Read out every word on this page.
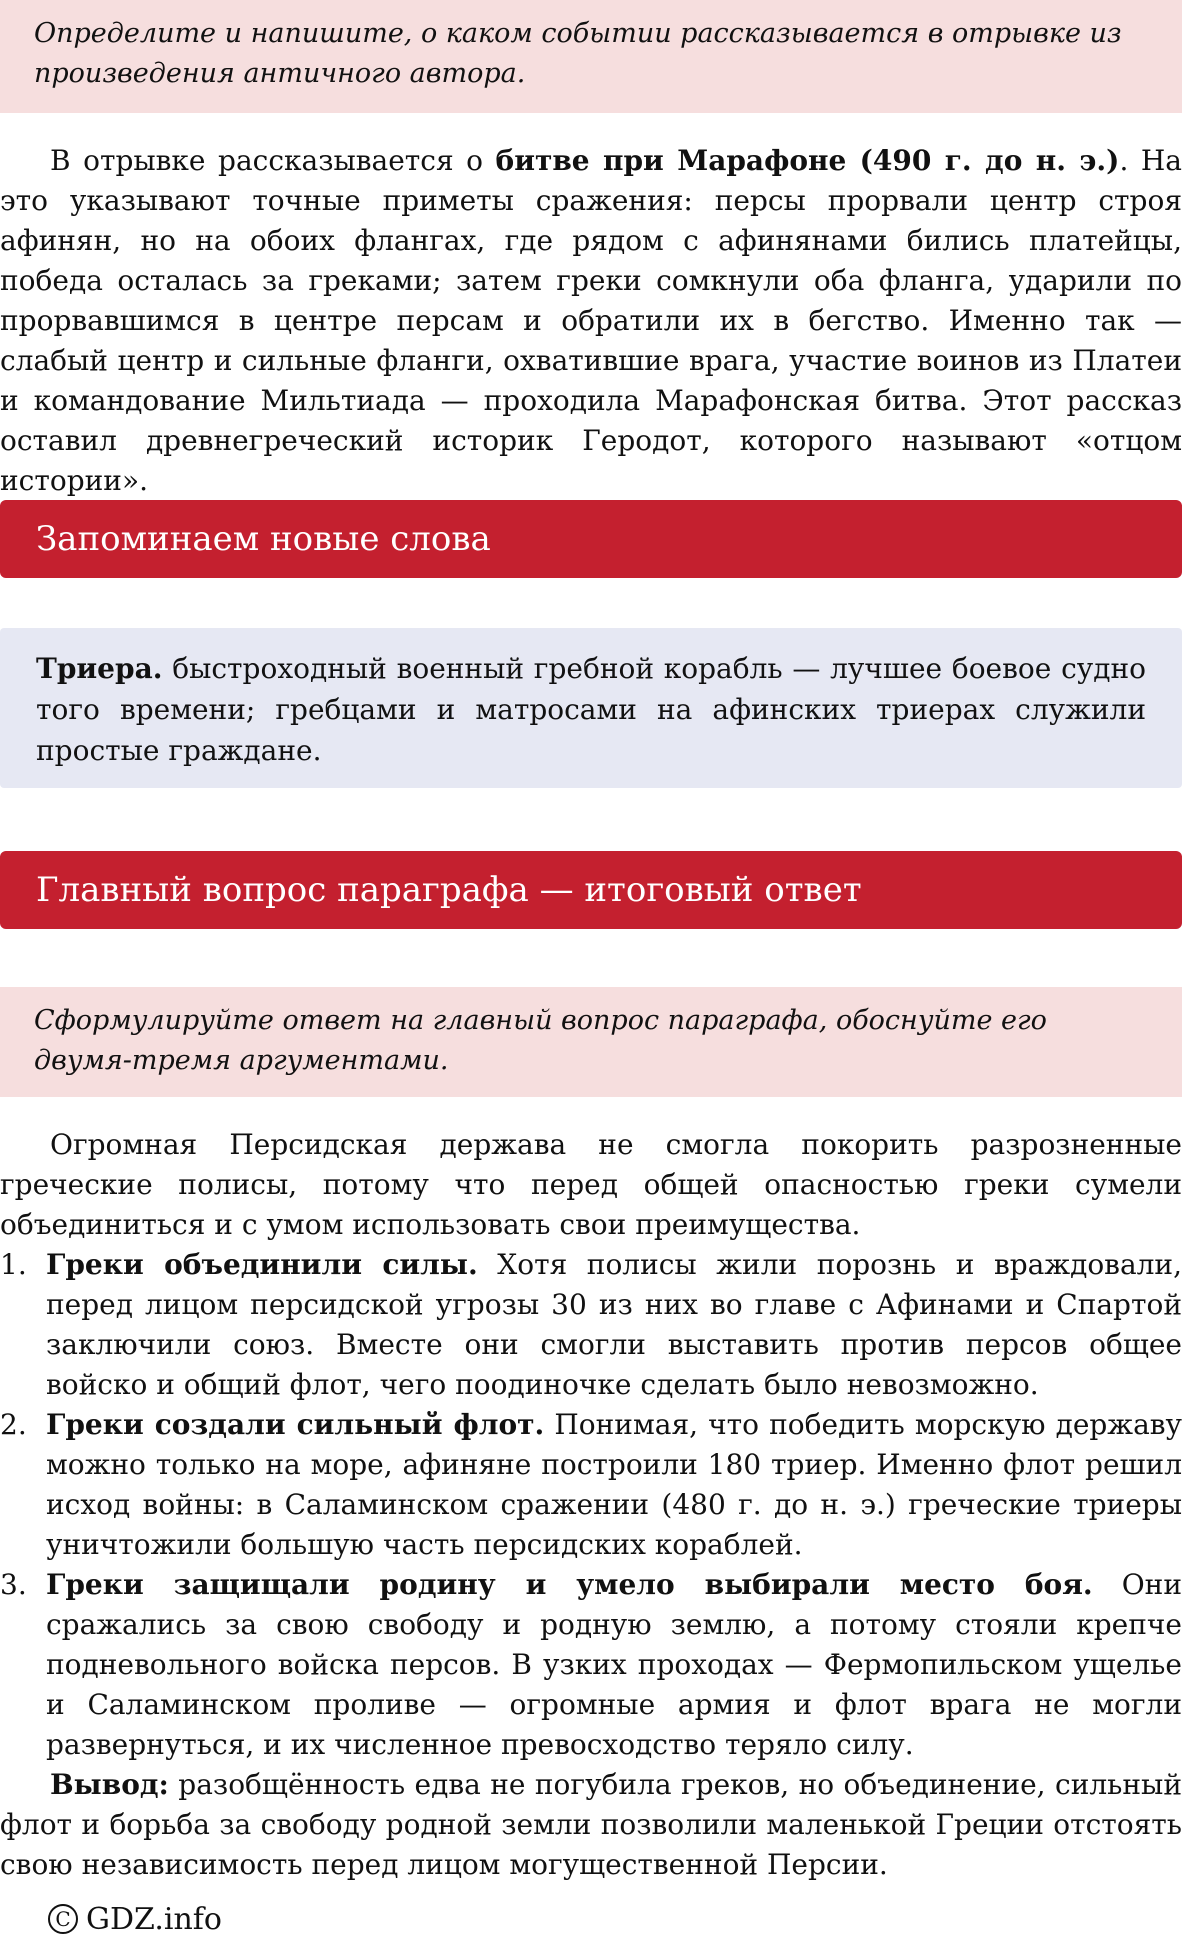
Определите и напишите, о каком событии рассказывается в отрывке из произведения античного автора.

В отрывке рассказывается о битве при Марафоне (490 г. до н. э.). На это указывают точные приметы сражения: персы прорвали центр строя афинян, но на обоих флангах, где рядом с афинянами бились платейцы, победа осталась за греками; затем греки сомкнули оба фланга, ударили по прорвавшимся в центре персам и обратили их в бегство. Именно так — слабый центр и сильные фланги, охватившие врага, участие воинов из Платеи и командование Мильтиада — проходила Марафонская битва. Этот рассказ оставил древнегреческий историк Геродот, которого называют «отцом истории».

Запоминаем новые слова

Триера. быстроходный военный гребной корабль — лучшее боевое судно того времени; гребцами и матросами на афинских триерах служили простые граждане.

Главный вопрос параграфа — итоговый ответ

Сформулируйте ответ на главный вопрос параграфа, обоснуйте его двумя-тремя аргументами.

Огромная Персидская держава не смогла покорить разрозненные греческие полисы, потому что перед общей опасностью греки сумели объединиться и с умом использовать свои преимущества.

1. Греки объединили силы. Хотя полисы жили порознь и враждовали, перед лицом персидской угрозы 30 из них во главе с Афинами и Спартой заключили союз. Вместе они смогли выставить против персов общее войско и общий флот, чего поодиночке сделать было невозможно.
2. Греки создали сильный флот. Понимая, что победить морскую державу можно только на море, афиняне построили 180 триер. Именно флот решил исход войны: в Саламинском сражении (480 г. до н. э.) греческие триеры уничтожили большую часть персидских кораблей.
3. Греки защищали родину и умело выбирали место боя. Они сражались за свою свободу и родную землю, а потому стояли крепче подневольного войска персов. В узких проходах — Фермопильском ущелье и Саламинском проливе — огромные армия и флот врага не могли развернуться, и их численное превосходство теряло силу.

Вывод: разобщённость едва не погубила греков, но объединение, сильный флот и борьба за свободу родной земли позволили маленькой Греции отстоять свою независимость перед лицом могущественной Персии.

C GDZ.info
